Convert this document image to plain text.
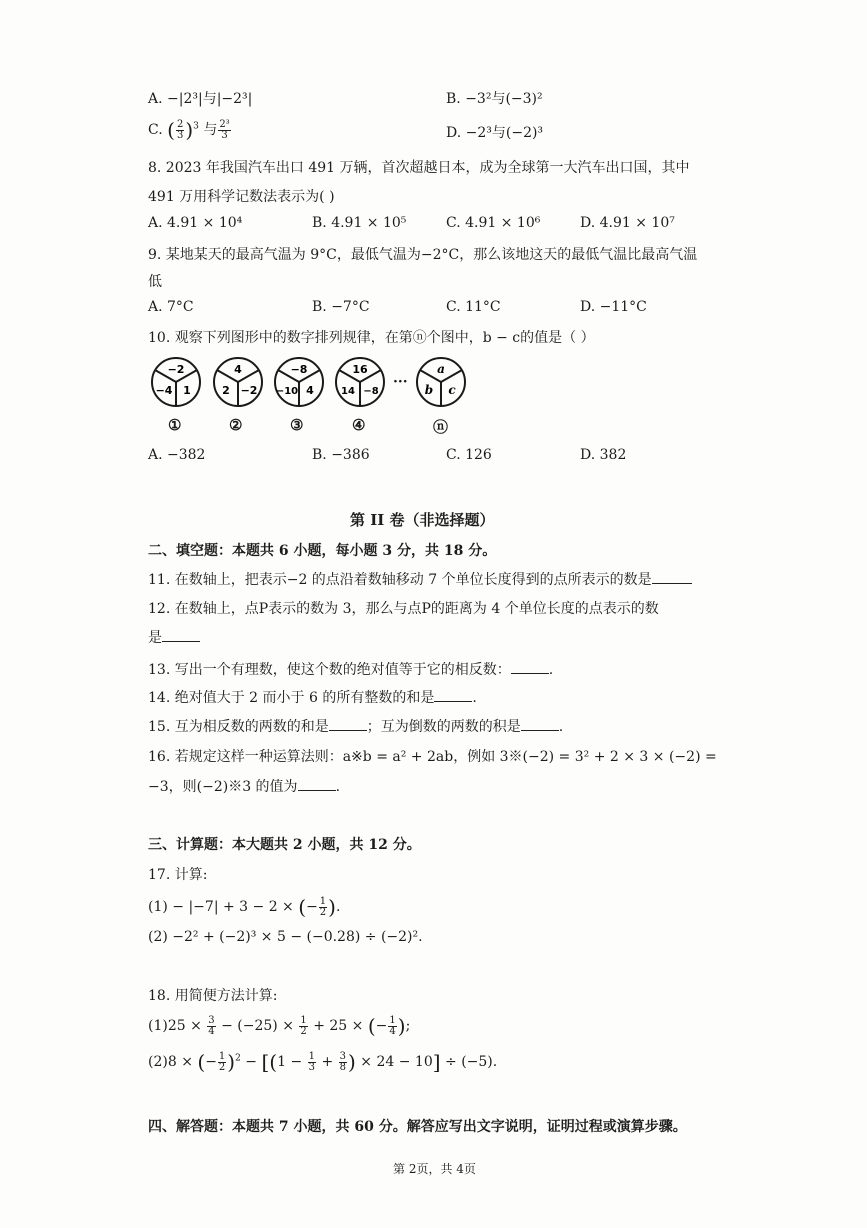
A. −|2³|与|−2³|	B. −3²与(−3)²
C. ( $\frac{2}{3} )^3$ 与 $\frac{\text{2³}}{3}$	D. −2³与(−2)³
8. 2023 年我国汽车出口 491 万辆，首次超越日本，成为全球第一大汽车出口国，其中
491 万用科学记数法表示为( )
A. 4.91 × 10⁴	B. 4.91 × 10⁵	C. 4.91 × 10⁶	D. 4.91 × 10⁷
9. 某地某天的最高气温为 9°C，最低气温为−2°C，那么该地这天的最低气温比最高气温
低
A. 7°C	B. −7°C	C. 11°C	D. −11°C
10. 观察下列图形中的数字排列规律，在第ⓝ个图中，b − c的值是（ ）
−2
−4 1
4
2 −2
−8
−10 4
16
14 −8
···
a
b c
①	②	③	④	ⓝ
A. −382	B. −386	C. 126	D. 382
第 II 卷（非选择题）
二、填空题：本题共 6 小题，每小题 3 分，共 18 分。
11. 在数轴上，把表示−2 的点沿着数轴移动 7 个单位长度得到的点所表示的数是
12. 在数轴上，点P表示的数为 3，那么与点P的距离为 4 个单位长度的点表示的数
是
13. 写出一个有理数，使这个数的绝对值等于它的相反数：	.
14. 绝对值大于 2 而小于 6 的所有整数的和是	.
15. 互为相反数的两数的和是	；互为倒数的两数的积是	.
16. 若规定这样一种运算法则：a※b = a² + 2ab，例如 3※(−2) = 3² + 2 × 3 × (−2) =
−3，则(−2)※3 的值为	.
三、计算题：本大题共 2 小题，共 12 分。
17. 计算:
(1) − |−7| + 3 − 2 × (− $\frac{1}{2}$ ).
(2) −2² + (−2)³ × 5 − (−0.28) ÷ (−2)².
18. 用简便方法计算:
$(1)25 \times \frac{3}{4} - (-25) \times \frac{1}{2} + 25$ × (− $\frac{1}{4}$ );
(2)8 × (− $\frac{1}{2} )^2 - [(1 - \frac{1}{3} + \frac{3}{8}$ ) × 24 − 10] ÷ (−5).
四、解答题：本题共 7 小题，共 60 分。解答应写出文字说明，证明过程或演算步骤。
第 2页，共 4页
